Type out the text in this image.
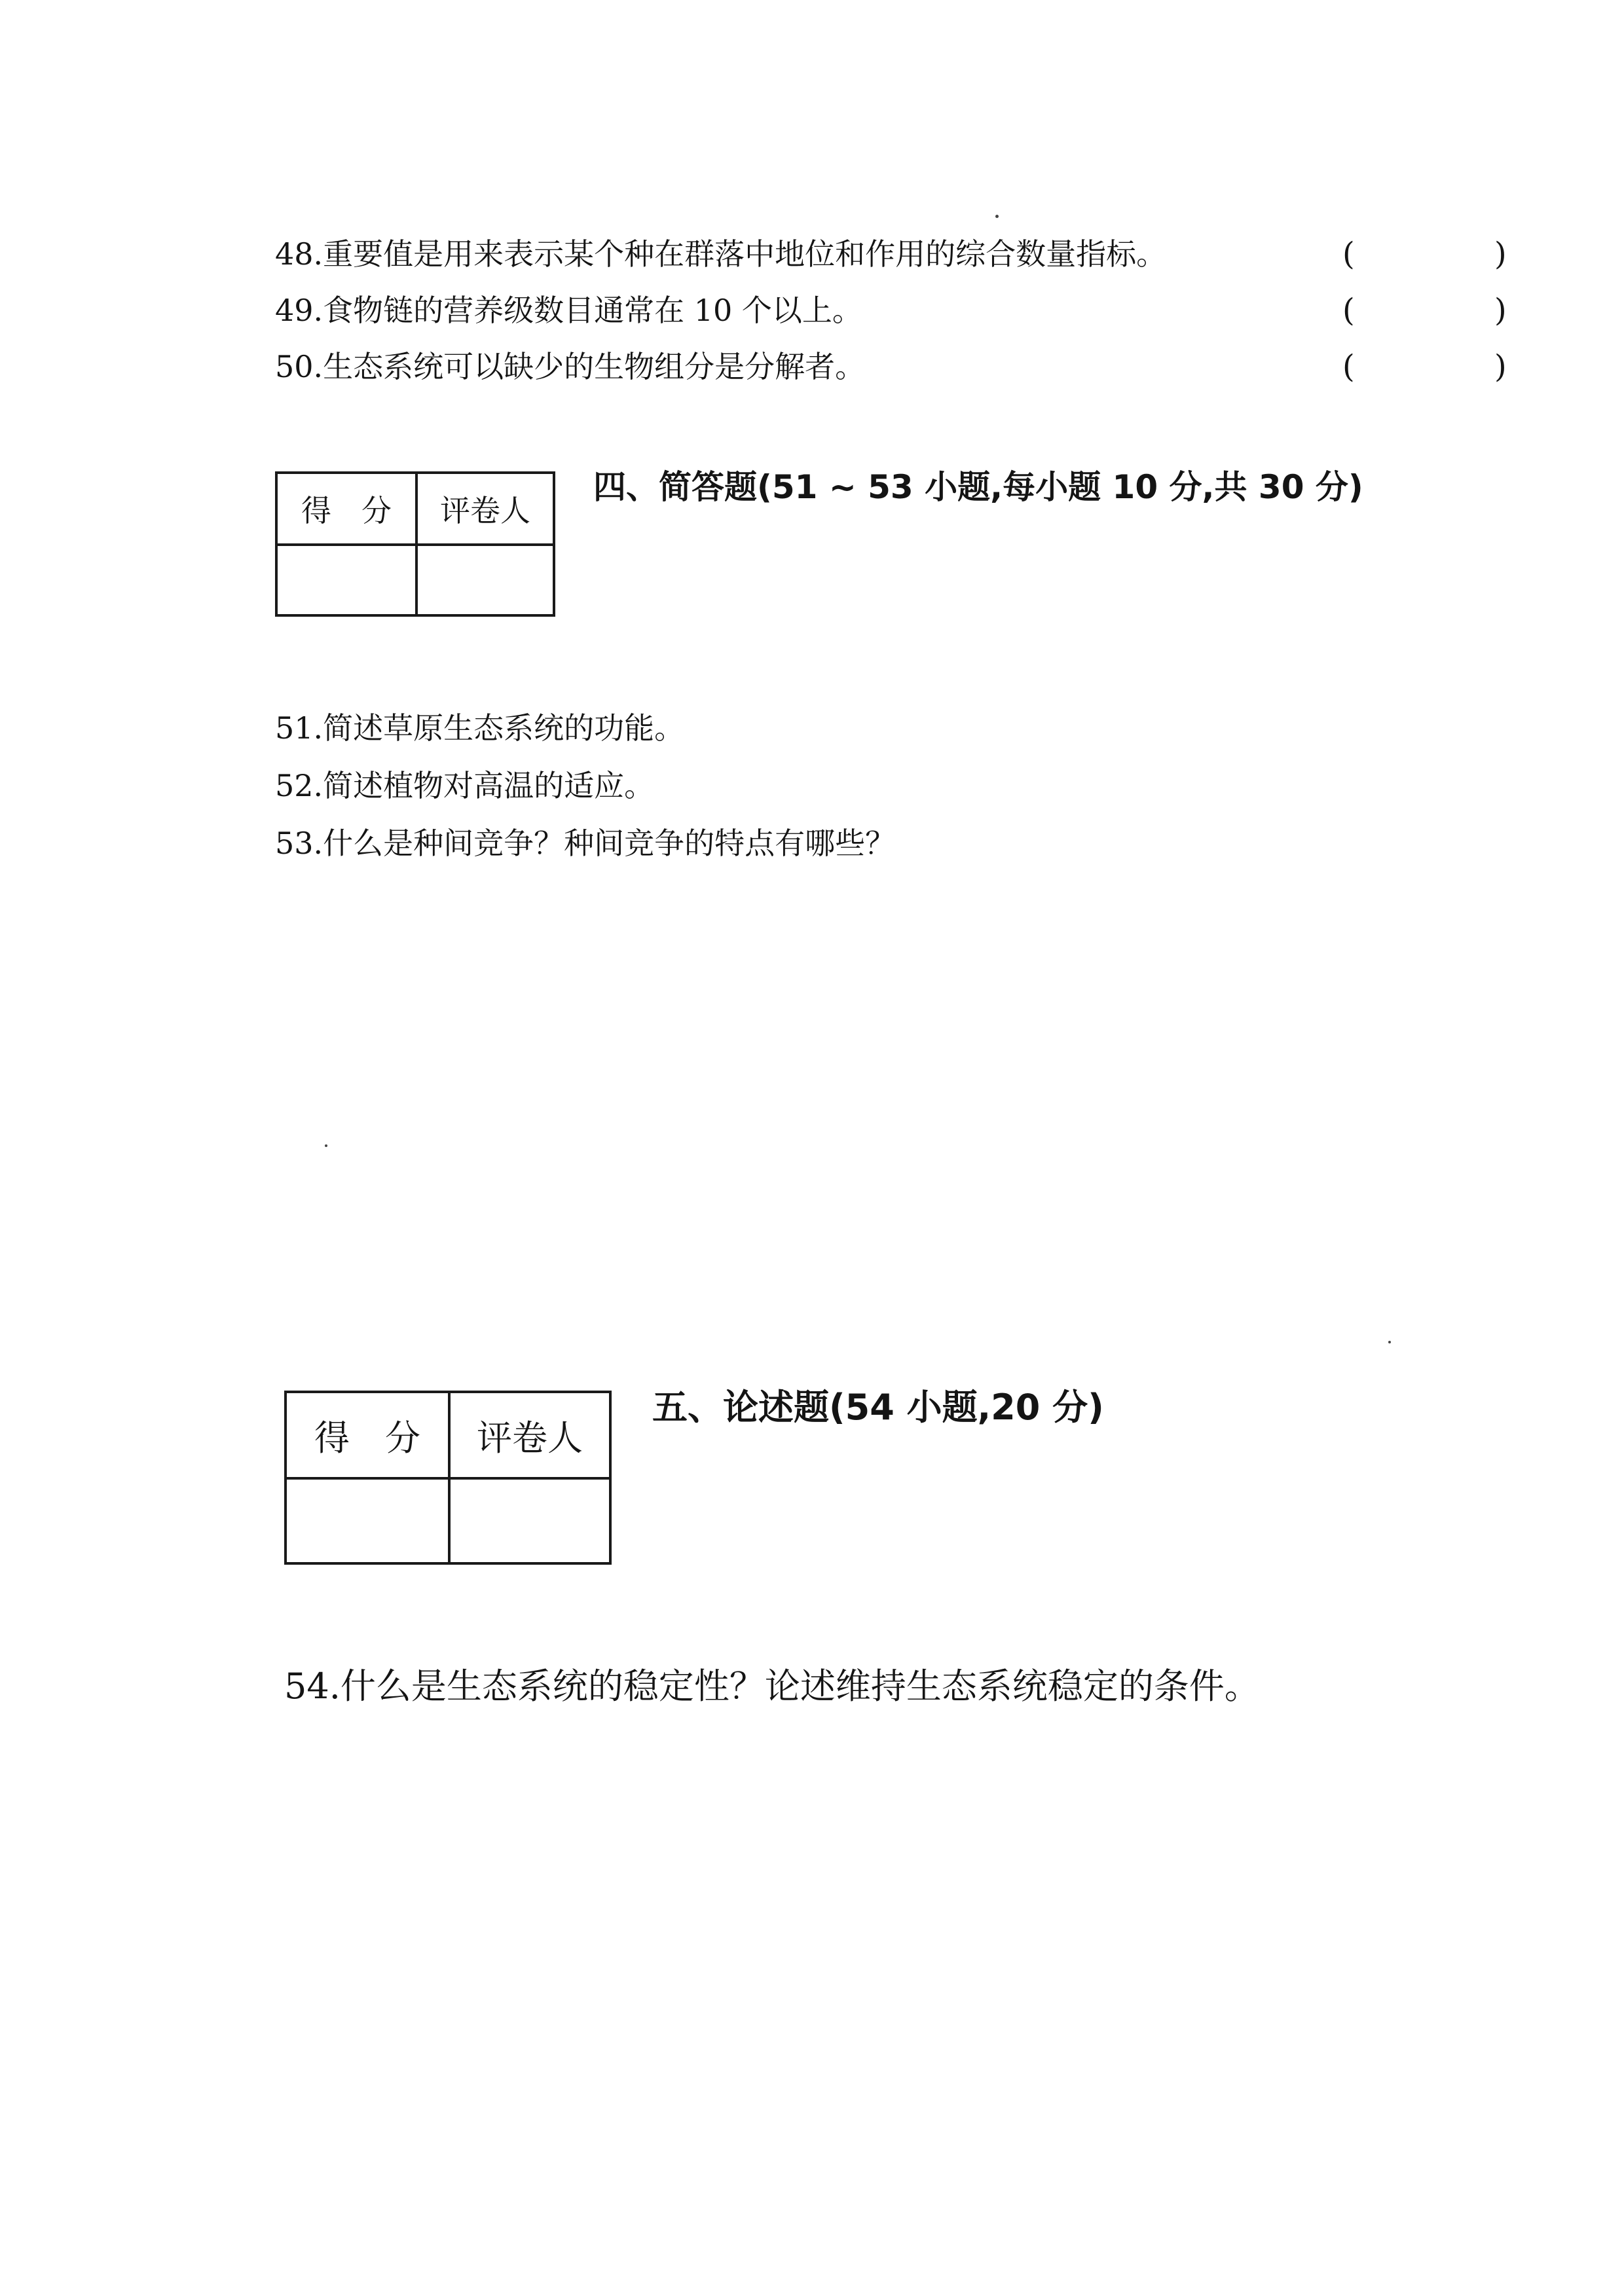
48.重要值是用来表示某个种在群落中地位和作用的综合数量指标。	(	)
49.食物链的营养级数目通常在 10 个以上。	(	)
50.生态系统可以缺少的生物组分是分解者。	(	)
得　分	评卷人

四、简答题(51 ~ 53 小题,每小题 10 分,共 30 分)
51.简述草原生态系统的功能。
52.简述植物对高温的适应。
53.什么是种间竞争？种间竞争的特点有哪些？
得　分	评卷人

五、论述题(54 小题,20 分)
54.什么是生态系统的稳定性？论述维持生态系统稳定的条件。
